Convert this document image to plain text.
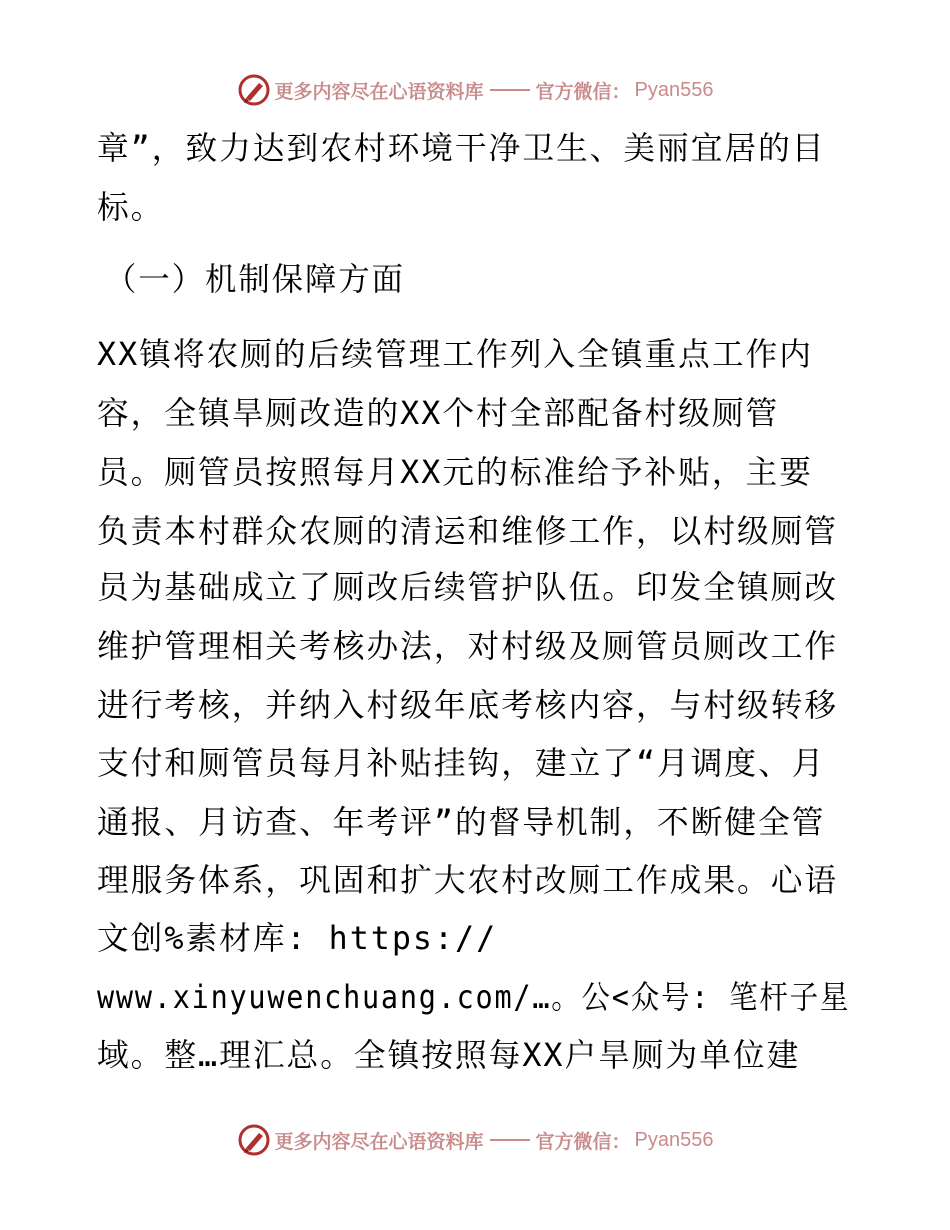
更多内容尽在心语资料库	官方微信： Pyan556
章”，致力达到农村环境干净卫生、美丽宜居的目
标。
（一）机制保障方面
XX镇将农厕的后续管理工作列入全镇重点工作内
容，全镇旱厕改造的XX个村全部配备村级厕管
员。厕管员按照每月XX元的标准给予补贴，主要
负责本村群众农厕的清运和维修工作，以村级厕管
员为基础成立了厕改后续管护队伍。印发全镇厕改
维护管理相关考核办法，对村级及厕管员厕改工作
进行考核，并纳入村级年底考核内容，与村级转移
支付和厕管员每月补贴挂钩，建立了“月调度、月
通报、月访查、年考评”的督导机制，不断健全管
理服务体系，巩固和扩大农村改厕工作成果。心语
文创%素材库: https://
www.xinyuwenchuang.com/…。公<众号: 笔杆子星
域。整…理汇总。全镇按照每XX户旱厕为单位建
更多内容尽在心语资料库	官方微信： Pyan556
